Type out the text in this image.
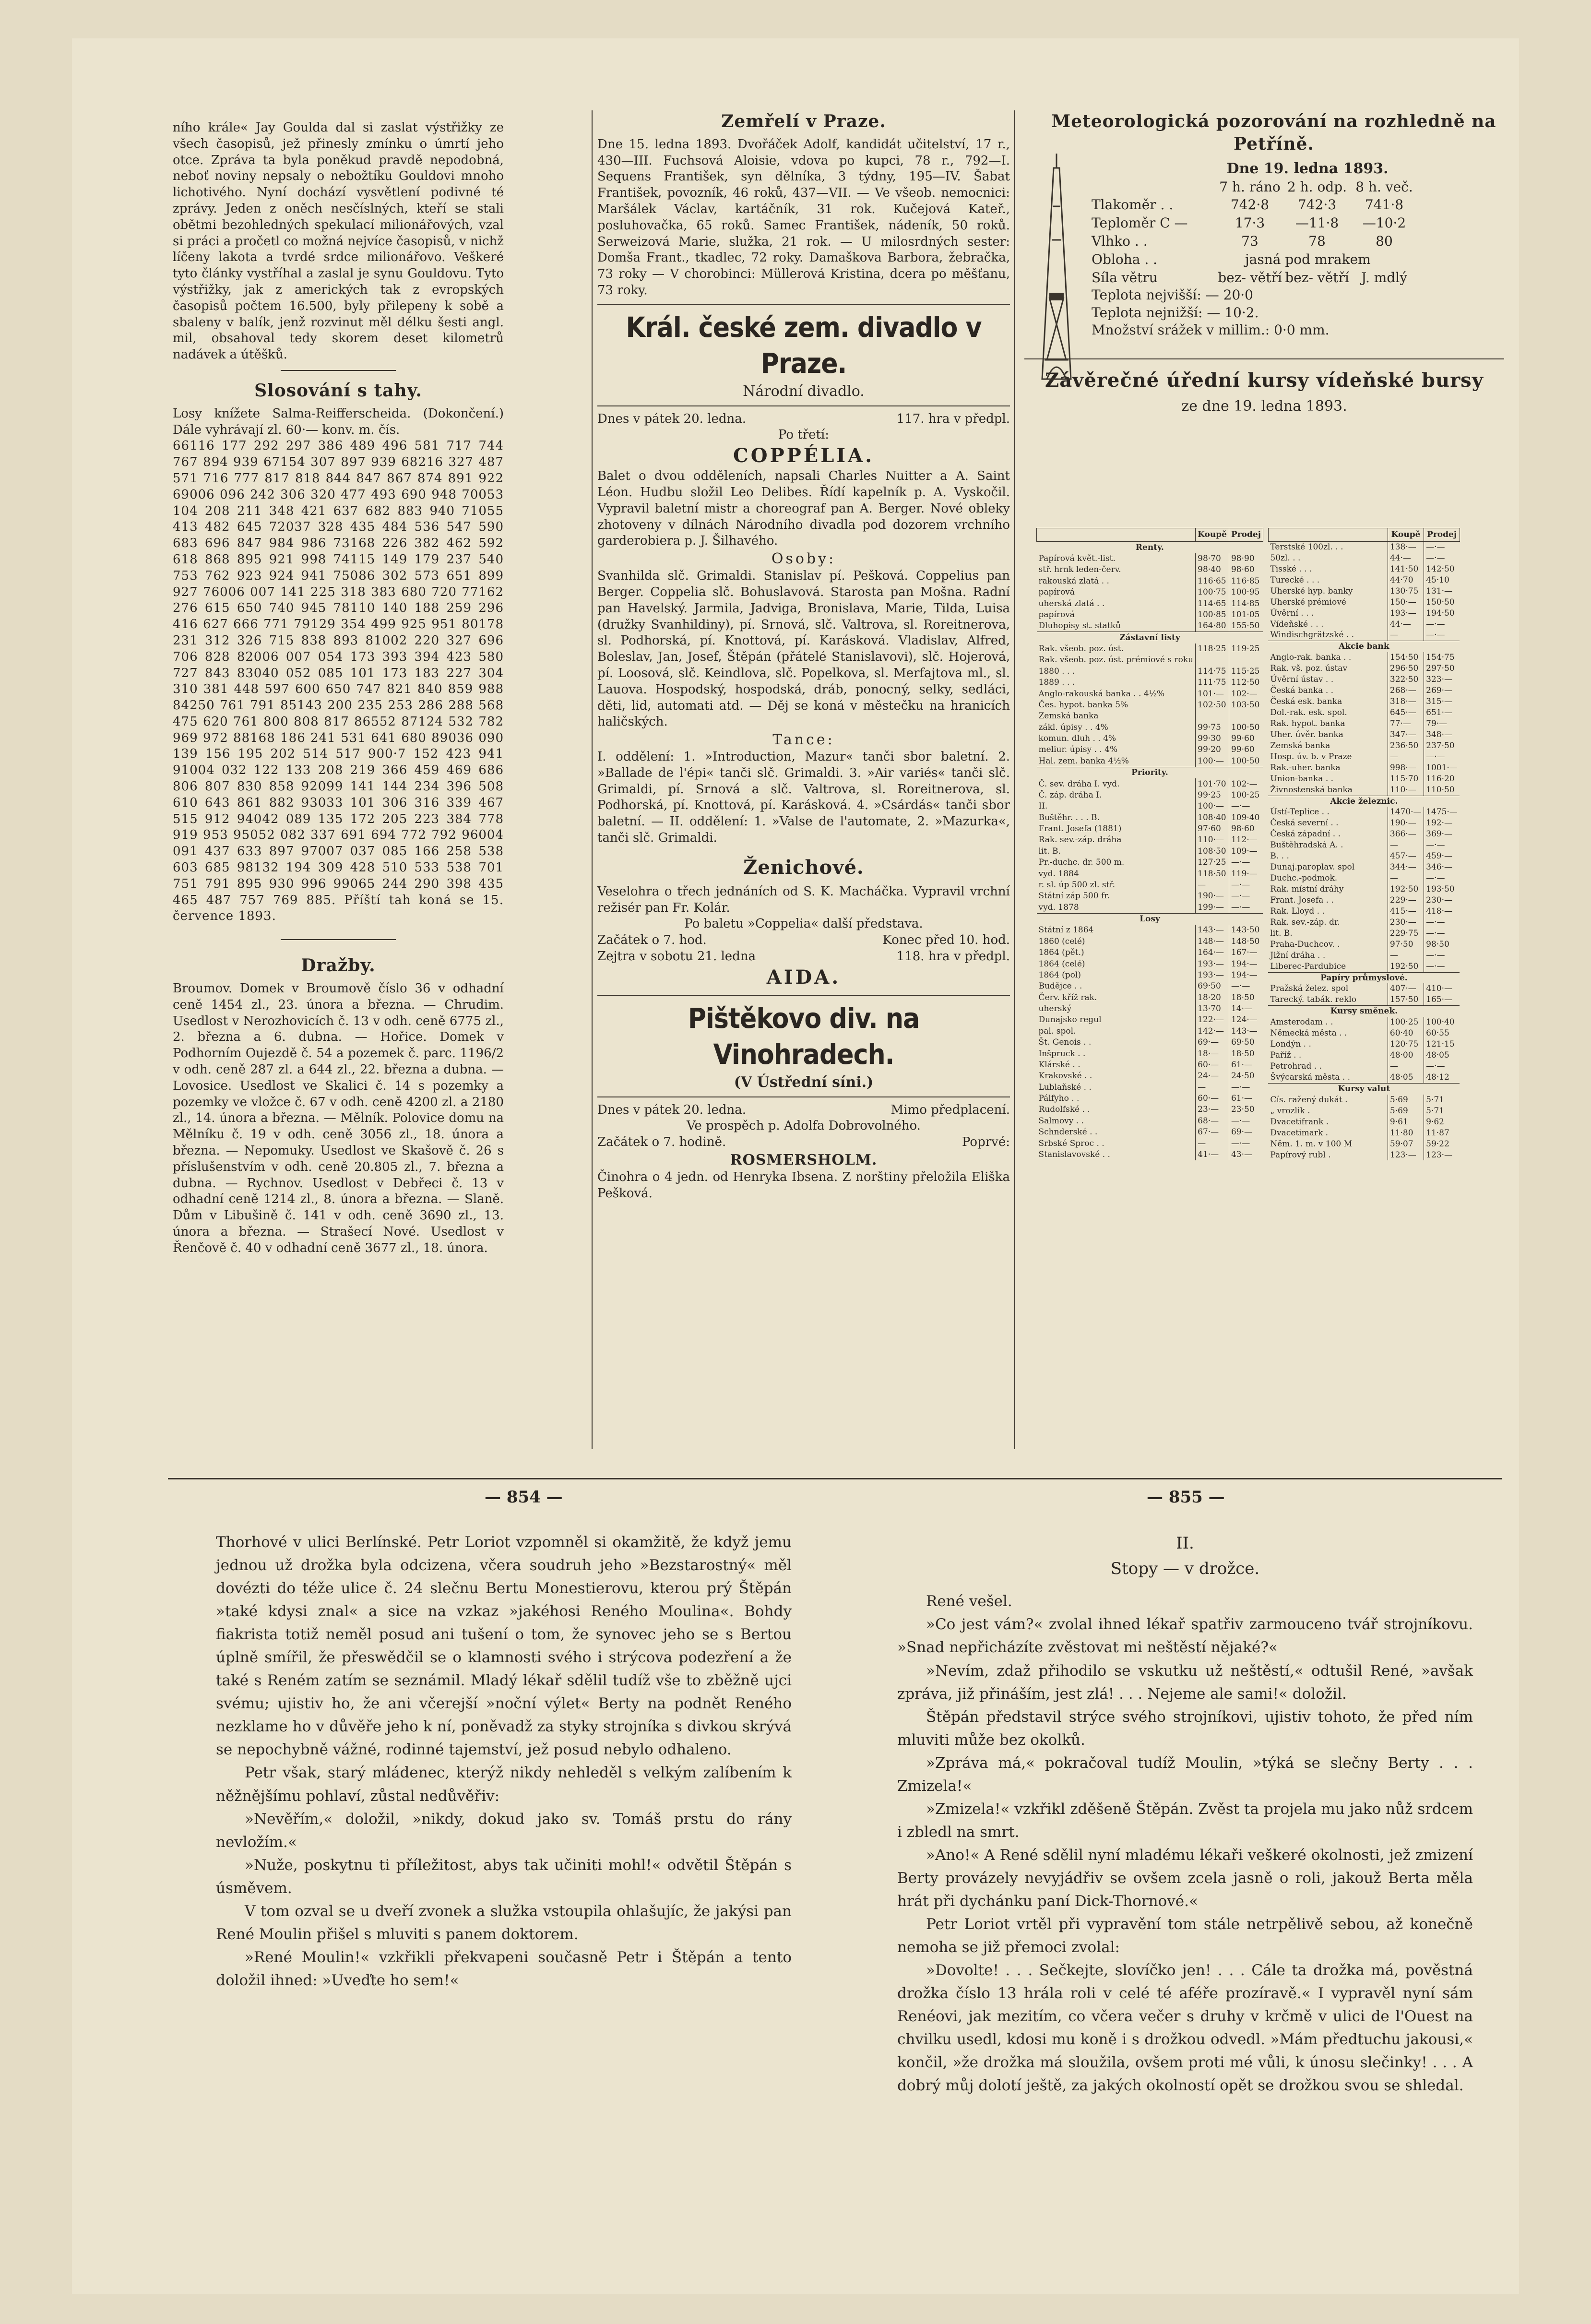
ního krále« Jay Goulda dal si zaslat výstřižky ze všech časopisů, jež přinesly zmínku o úmrtí jeho otce. Zpráva ta byla poněkud pravdě nepodobná, neboť noviny nepsaly o nebožtíku Gouldovi mnoho lichotivého. Nyní dochází vysvětlení podivné té zprávy. Jeden z oněch nesčíslných, kteří se stali obětmi bezohledných spekulací milionářových, vzal si práci a pročetl co možná nejvíce časopisů, v nichž líčeny lakota a tvrdé srdce milionářovo. Veškeré tyto články vystříhal a zaslal je synu Gouldovu. Tyto výstřižky, jak z amerických tak z evropských časopisů počtem 16.500, byly přilepeny k sobě a sbaleny v balík, jenž rozvinut měl délku šesti angl. mil, obsahoval tedy skorem deset kilometrů nadávek a útěšků.

Slosování s tahy.

Losy knížete Salma-Reifferscheida. (Dokončení.) Dále vyhrávají zl. 60·— konv. m. čís.

66116 177 292 297 386 489 496 581 717 744 767 894 939 67154 307 897 939 68216 327 487 571 716 777 817 818 844 847 867 874 891 922 69006 096 242 306 320 477 493 690 948 70053 104 208 211 348 421 637 682 883 940 71055 413 482 645 72037 328 435 484 536 547 590 683 696 847 984 986 73168 226 382 462 592 618 868 895 921 998 74115 149 179 237 540 753 762 923 924 941 75086 302 573 651 899 927 76006 007 141 225 318 383 680 720 77162 276 615 650 740 945 78110 140 188 259 296 416 627 666 771 79129 354 499 925 951 80178 231 312 326 715 838 893 81002 220 327 696 706 828 82006 007 054 173 393 394 423 580 727 843 83040 052 085 101 173 183 227 304 310 381 448 597 600 650 747 821 840 859 988 84250 761 791 85143 200 235 253 286 288 568 475 620 761 800 808 817 86552 87124 532 782 969 972 88168 186 241 531 641 680 89036 090 139 156 195 202 514 517 900·7 152 423 941 91004 032 122 133 208 219 366 459 469 686 806 807 830 858 92099 141 144 234 396 508 610 643 861 882 93033 101 306 316 339 467 515 912 94042 089 135 172 205 223 384 778 919 953 95052 082 337 691 694 772 792 96004 091 437 633 897 97007 037 085 166 258 538 603 685 98132 194 309 428 510 533 538 701 751 791 895 930 996 99065 244 290 398 435 465 487 757 769 885. Příští tah koná se 15. července 1893.

Dražby.

Broumov. Domek v Broumově číslo 36 v odhadní ceně 1454 zl., 23. února a března. — Chrudim. Usedlost v Nerozhovicích č. 13 v odh. ceně 6775 zl., 2. března a 6. dubna. — Hořice. Domek v Podhorním Oujezdě č. 54 a pozemek č. parc. 1196/2 v odh. ceně 287 zl. a 644 zl., 22. března a dubna. — Lovosice. Usedlost ve Skalici č. 14 s pozemky a pozemky ve vložce č. 67 v odh. ceně 4200 zl. a 2180 zl., 14. února a března. — Mělník. Polovice domu na Mělníku č. 19 v odh. ceně 3056 zl., 18. února a března. — Nepomuky. Usedlost ve Skašově č. 26 s příslušenstvím v odh. ceně 20.805 zl., 7. března a dubna. — Rychnov. Usedlost v Debřeci č. 13 v odhadní ceně 1214 zl., 8. února a března. — Slaně. Dům v Libušině č. 141 v odh. ceně 3690 zl., 13. února a března. — Strašecí Nové. Usedlost v Řenčově č. 40 v odhadní ceně 3677 zl., 18. února.

Zemřelí v Praze.

Dne 15. ledna 1893. Dvořáček Adolf, kandidát učitelství, 17 r., 430—III. Fuchsová Aloisie, vdova po kupci, 78 r., 792—I. Sequens František, syn dělníka, 3 týdny, 195—IV. Šabat František, povozník, 46 roků, 437—VII. — Ve všeob. nemocnici: Maršálek Václav, kartáčník, 31 rok. Kučejová Kateř., posluhovačka, 65 roků. Samec František, nádeník, 50 roků. Serweizová Marie, služka, 21 rok. — U milosrdných sester: Domša Frant., tkadlec, 72 roky. Damaškova Barbora, žebračka, 73 roky — V chorobinci: Müllerová Kristina, dcera po měšťanu, 73 roky.

Král. české zem. divadlo v Praze.
Národní divadlo.
Dnes v pátek 20. ledna.	117. hra v předpl.
Po třetí:
COPPÉLIA.

Balet o dvou odděleních, napsali Charles Nuitter a A. Saint Léon. Hudbu složil Leo Delibes. Řídí kapelník p. A. Vyskočil. Vypravil baletní mistr a choreograf pan A. Berger. Nové obleky zhotoveny v dílnách Národního divadla pod dozorem vrchního garderobiera p. J. Šilhavého.

Osoby:

Svanhilda slč. Grimaldi. Stanislav pí. Pešková. Coppelius pan Berger. Coppelia slč. Bohuslavová. Starosta pan Mošna. Radní pan Havelský. Jarmila, Jadviga, Bronislava, Marie, Tilda, Luisa (družky Svanhildiny), pí. Srnová, slč. Valtrova, sl. Roreitnerova, sl. Podhorská, pí. Knottová, pí. Karásková. Vladislav, Alfred, Boleslav, Jan, Josef, Štěpán (přátelé Stanislavovi), slč. Hojerová, pí. Loosová, slč. Keindlova, slč. Popelkova, sl. Merfajtova ml., sl. Lauova. Hospodský, hospodská, dráb, ponocný, selky, sedláci, děti, lid, automati atd. — Děj se koná v městečku na hranicích haličských.

Tance:

I. oddělení: 1. »Introduction, Mazur« tanči sbor baletní. 2. »Ballade de l'épi« tanči slč. Grimaldi. 3. »Air variés« tanči slč. Grimaldi, pí. Srnová a slč. Valtrova, sl. Roreitnerova, sl. Podhorská, pí. Knottová, pí. Karásková. 4. »Csárdás« tanči sbor baletní. — II. oddělení: 1. »Valse de l'automate, 2. »Mazurka«, tanči slč. Grimaldi.

Ženichové.

Veselohra o třech jednáních od S. K. Macháčka. Vypravil vrchní režisér pan Fr. Kolár.

Po baletu »Coppelia« další představa.
Začátek o 7. hod.	Konec před 10. hod.
Zejtra v sobotu 21. ledna	118. hra v předpl.
AIDA.
Pištěkovo div. na Vinohradech.
(V Ústřední síni.)
Dnes v pátek 20. ledna.	Mimo předplacení.
Ve prospěch p. Adolfa Dobrovolného.
Začátek o 7. hodině.	Poprvé:
ROSMERSHOLM.

Činohra o 4 jedn. od Henryka Ibsena. Z norštiny přeložila Eliška Pešková.

Meteorologická pozorování na rozhledně na Petříně.
Dne 19. ledna 1893.
7 h. ráno 2 h. odp. 8 h. več.
Tlakoměr . .	742·8	742·3	741·8
Teploměr C —	17·3	—11·8	—10·2
Vlhko . .	73	78	80
Obloha . .	jasná pod mrakem
Síla větru	bez- větří bez- větří J. mdlý
Teplota nejvišší: — 20·0
Teplota nejnižší: — 10·2.
Množství srážek v millim.: 0·0 mm.
Závěrečné úřední kursy vídeňské bursy
ze dne 19. ledna 1893.
	Koupě	Prodej
Renty.		
Papírová květ.-list.	98·70	98·90
stř. hrnk leden-červ.	98·40	98·60
rakouská zlatá . .	116·65	116·85
papírová	100·75	100·95
uherská zlatá . .	114·65	114·85
papírová	100·85	101·05
Dluhopisy st. statků	164·80	155·50
Zástavní listy		
Rak. všeob. poz. úst.	118·25	119·25
Rak. všeob. poz. úst. prémiové s roku		
1880 . . .	114·75	115·25
1889 . . .	111·75	112·50
Anglo-rakouská banka . . 4½%	101·—	102·—
Čes. hypot. banka 5%	102·50	103·50
Zemská banka		
zákl. úpisy . . 4%	99·75	100·50
komun. dluh . . 4%	99·30	99·60
meliur. úpisy . . 4%	99·20	99·60
Hal. zem. banka 4½%	100·—	100·50
Priority.		
Č. sev. dráha I. vyd.	101·70	102·—
Č. záp. dráha I.	99·25	100·25
II.	100·—	—·—
Buštěhr. . . . B.	108·40	109·40
Frant. Josefa (1881)	97·60	98·60
Rak. sev.-záp. dráha	110·—	112·—
lit. B.	108·50	109·—
Pr.-duchc. dr. 500 m.	127·25	—·—
vyd. 1884	118·50	119·—
r. sl. úp 500 zl. stř.	—	—·—
Státní záp 500 fr.	190·—	—·—
vyd. 1878	199·—	—·—
Losy		
Státní z 1864	143·—	143·50
1860 (celé)	148·—	148·50
1864 (pět.)	164·—	167·—
1864 (celé)	193·—	194·—
1864 (pol)	193·—	194·—
Budějce . .	69·50	—·—
Červ. kříž rak.	18·20	18·50
uherský	13·70	14·—
Dunajsko regul	122·—	124·—
pal. spol.	142·—	143·—
Št. Genois . .	69·—	69·50
Inšpruck . .	18·—	18·50
Klárské . .	60·—	61·—
Krakovské . .	24·—	24·50
Lublaňské . .	—	—·—
Pálfyho . .	60·—	61·—
Rudolfské . .	23·—	23·50
Salmovy . .	68·—	—·—
Schnderské . .	67·—	69·—
Srbské Sproc . .	—	—·—
Stanislavovské . .	41·—	43·—
	Koupě	Prodej
Terstské 100zl. . .	138·—	—·—
50zl. . .	44·—	—·—
Tisské . . .	141·50	142·50
Turecké . . .	44·70	45·10
Uherské hyp. banky	130·75	131·—
Uherské prémiové	150·—	150·50
Úvěrní . . .	193·—	194·50
Vídeňské . . .	44·—	—·—
Windischgrätzské . .	—	—·—
Akcie bank		
Anglo-rak. banka . .	154·50	154·75
Rak. vš. poz. ústav	296·50	297·50
Úvěrní ústav . .	322·50	323·—
Česká banka . .	268·—	269·—
Česká esk. banka	318·—	315·—
Dol.-rak. esk. spol.	645·—	651·—
Rak. hypot. banka	77·—	79·—
Uher. úvěr. banka	347·—	348·—
Zemská banka	236·50	237·50
Hosp. úv. b. v Praze	—	—·—
Rak.-uher. banka	998·—	1001·—
Union-banka . .	115·70	116·20
Živnostenská banka	110·—	110·50
Akcie železnic.		
Ústí-Teplice . .	1470·—	1475·—
Česká severní . .	190·—	192·—
Česká západní . .	366·—	369·—
Buštěhradská A. .	—	—·—
B. . .	457·—	459·—
Dunaj.paroplav. spol	344·—	346·—
Duchc.-podmok.	—	—·—
Rak. místní dráhy	192·50	193·50
Frant. Josefa . .	229·—	230·—
Rak. Lloyd . .	415·—	418·—
Rak. sev.-záp. dr.	230·—	—·—
lit. B.	229·75	—·—
Praha-Duchcov. .	97·50	98·50
Jižní dráha . .	—	—·—
Liberec-Pardubice	192·50	—·—
Papíry průmyslové.		
Pražská želez. spol	407·—	410·—
Tarecký. tabák. reklo	157·50	165·—
Kursy směnek.		
Amsterodam . .	100·25	100·40
Německá města . .	60·40	60·55
Londýn . .	120·75	121·15
Paříž . .	48·00	48·05
Petrohrad . .	—	—·—
Švýcarská města . .	48·05	48·12
Kursy valut		
Cís. ražený dukát .	5·69	5·71
„ vrozlik .	5·69	5·71
Dvacetifrank .	9·61	9·62
Dvacetimark .	11·80	11·87
Něm. 1. m. v 100 M	59·07	59·22
Papírový rubl .	123·—	123·—
— 854 —	— 855 —

Thorhové v ulici Berlínské. Petr Loriot vzpomněl si okamžitě, že když jemu jednou už drožka byla odcizena, včera soudruh jeho »Bezstarostný« měl dovézti do téže ulice č. 24 slečnu Bertu Monestierovu, kterou prý Štěpán »také kdysi znal« a sice na vzkaz »jakéhosi Reného Moulina«. Bohdy fiakrista totiž neměl posud ani tušení o tom, že synovec jeho se s Bertou úplně smířil, že přeswědčil se o klamnosti svého i strýcova podezření a že také s Reném zatím se seznámil. Mladý lékař sdělil tudíž vše to zběžně ujci svému; ujistiv ho, že ani včerejší »noční výlet« Berty na podnět Reného nezklame ho v důvěře jeho k ní, poněvadž za styky strojníka s divkou skrývá se nepochybně vážné, rodinné tajemství, jež posud nebylo odhaleno.

Petr však, starý mládenec, kterýž nikdy nehleděl s velkým zalíbením k něžnějšímu pohlaví, zůstal nedůvěřiv:

»Nevěřím,« doložil, »nikdy, dokud jako sv. Tomáš prstu do rány nevložím.«

»Nuže, poskytnu ti příležitost, abys tak učiniti mohl!« odvětil Štěpán s úsměvem.

V tom ozval se u dveří zvonek a služka vstoupila ohlašujíc, že jakýsi pan René Moulin přišel s mluviti s panem doktorem.

»René Moulin!« vzkřikli překvapeni současně Petr i Štěpán a tento doložil ihned: »Uveďte ho sem!«

II.
Stopy — v drožce.

René vešel.

»Co jest vám?« zvolal ihned lékař spatřiv zarmouceno tvář strojníkovu. »Snad nepřicházíte zvěstovat mi neštěstí nějaké?«

»Nevím, zdaž přihodilo se vskutku už neštěstí,« odtušil René, »avšak zpráva, již přináším, jest zlá! . . . Nejeme ale sami!« doložil.

Štěpán představil strýce svého strojníkovi, ujistiv tohoto, že před ním mluviti může bez okolků.

»Zpráva má,« pokračoval tudíž Moulin, »týká se slečny Berty . . . Zmizela!«

»Zmizela!« vzkřikl zděšeně Štěpán. Zvěst ta projela mu jako nůž srdcem i zbledl na smrt.

»Ano!« A René sdělil nyní mladému lékaři veškeré okolnosti, jež zmizení Berty provázely nevyjádřiv se ovšem zcela jasně o roli, jakouž Berta měla hrát při dychánku paní Dick-Thornové.«

Petr Loriot vrtěl při vypravění tom stále netrpělivě sebou, až konečně nemoha se již přemoci zvolal:

»Dovolte! . . . Sečkejte, slovíčko jen! . . . Cále ta drožka má, pověstná drožka číslo 13 hrála roli v celé té aféře prozíravě.« I vypravěl nyní sám Renéovi, jak mezitím, co včera večer s druhy v krčmě v ulici de l'Ouest na chvilku usedl, kdosi mu koně i s drožkou odvedl. »Mám předtuchu jakousi,« končil, »že drožka má sloužila, ovšem proti mé vůli, k únosu slečinky! . . . A dobrý můj dolotí ještě, za jakých okolností opět se drožkou svou se shledal.
